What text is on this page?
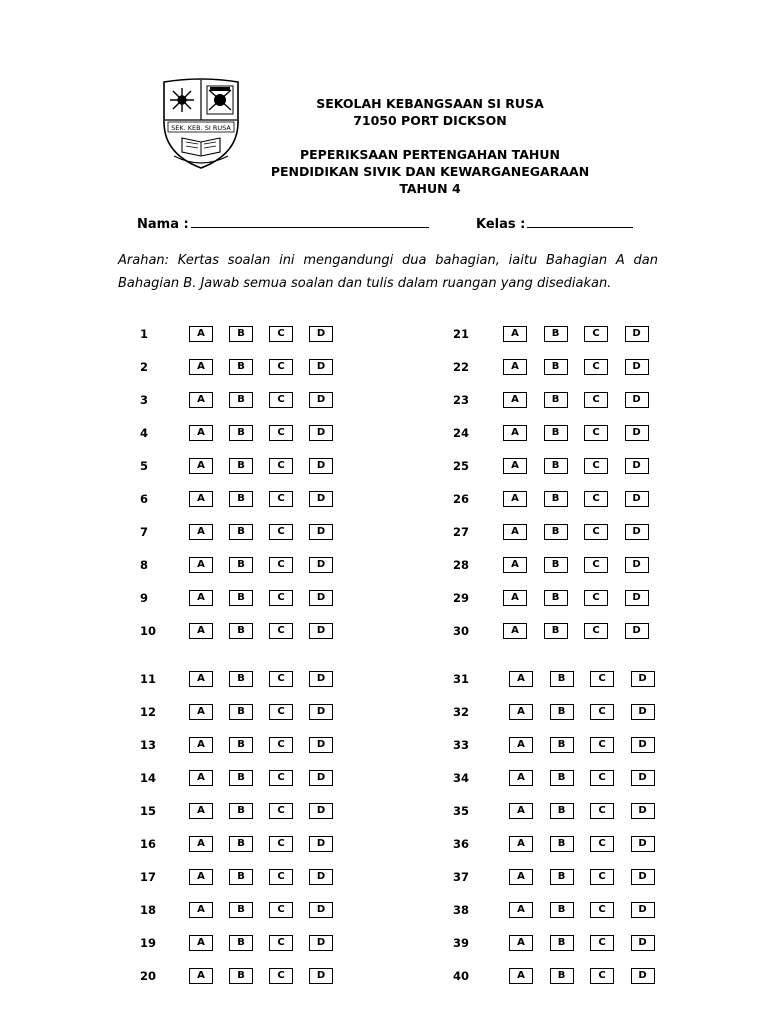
SEK. KEB. SI RUSA
SEKOLAH KEBANGSAAN SI RUSA
71050 PORT DICKSON
PEPERIKSAAN PERTENGAHAN TAHUN
PENDIDIKAN SIVIK DAN KEWARGANEGARAAN
TAHUN 4
Nama :	Kelas :
Arahan: Kertas soalan ini mengandungi dua bahagian, iaitu Bahagian A dan Bahagian B. Jawab semua soalan dan tulis dalam ruangan yang disediakan.
1	A	B	C	D
2	A	B	C	D
3	A	B	C	D
4	A	B	C	D
5	A	B	C	D
6	A	B	C	D
7	A	B	C	D
8	A	B	C	D
9	A	B	C	D
10	A	B	C	D
11	A	B	C	D
12	A	B	C	D
13	A	B	C	D
14	A	B	C	D
15	A	B	C	D
16	A	B	C	D
17	A	B	C	D
18	A	B	C	D
19	A	B	C	D
20	A	B	C	D
21	A	B	C	D
22	A	B	C	D
23	A	B	C	D
24	A	B	C	D
25	A	B	C	D
26	A	B	C	D
27	A	B	C	D
28	A	B	C	D
29	A	B	C	D
30	A	B	C	D
31	A	B	C	D
32	A	B	C	D
33	A	B	C	D
34	A	B	C	D
35	A	B	C	D
36	A	B	C	D
37	A	B	C	D
38	A	B	C	D
39	A	B	C	D
40	A	B	C	D
